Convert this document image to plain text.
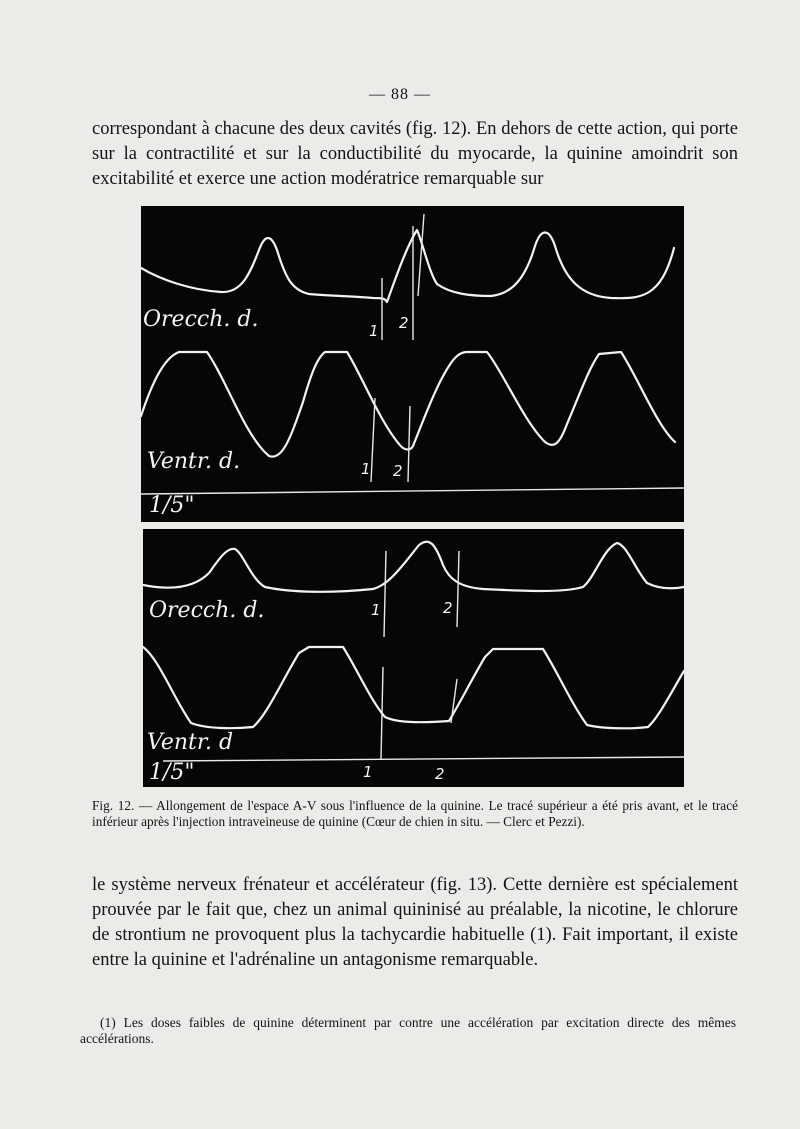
— 88 —

correspondant à chacune des deux cavités (fig. 12). En dehors de cette action, qui porte sur la contractilité et sur la conductibilité du myocarde, la quinine amoindrit son excitabilité et exerce une action modératrice remarquable sur

Orecch. d.
Ventr. d.
1/5"
1 2
1 2
Orecch. d.
Ventr. d
1/5"
1	2
1	2

Fig. 12. — Allongement de l'espace A-V sous l'influence de la quinine. Le tracé supérieur a été pris avant, et le tracé inférieur après l'injection intraveineuse de quinine (Cœur de chien in situ. — Clerc et Pezzi).

le système nerveux frénateur et accélérateur (fig. 13). Cette dernière est spécialement prouvée par le fait que, chez un animal quininisé au préalable, la nicotine, le chlorure de strontium ne provoquent plus la tachycardie habituelle (1). Fait important, il existe entre la quinine et l'adrénaline un antagonisme remarquable.

(1) Les doses faibles de quinine déterminent par contre une accélération par excitation directe des mêmes accélérations.
